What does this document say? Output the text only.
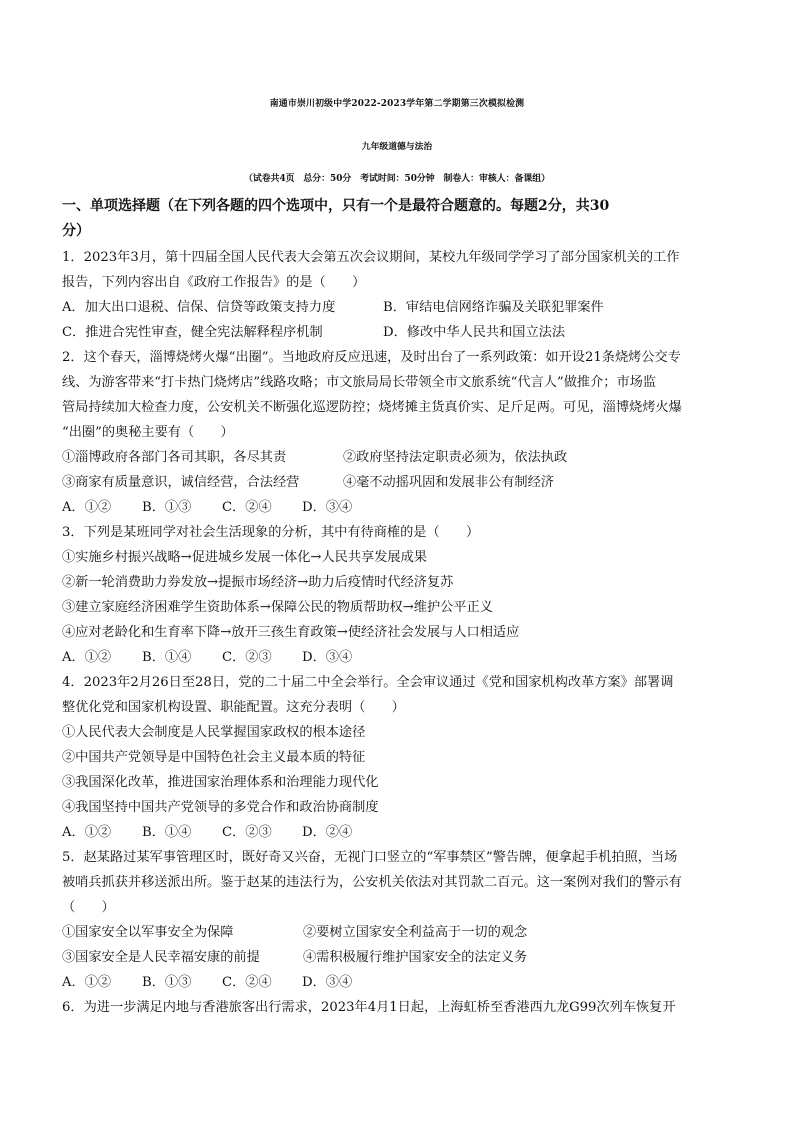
南通市崇川初级中学2022-2023学年第二学期第三次模拟检测
九年级道德与法治
（试卷共4页　总分：50分　考试时间：50分钟　制卷人：审核人：备课组）
一、单项选择题（在下列各题的四个选项中，只有一个是最符合题意的。每题2分，共30
分）
1．2023年3月，第十四届全国人民代表大会第五次会议期间，某校九年级同学学习了部分国家机关的工作
报告，下列内容出自《政府工作报告》的是（　　）
A．加大出口退税、信保、信贷等政策支持力度	B．审结电信网络诈骗及关联犯罪案件
C．推进合宪性审查，健全宪法解释程序机制	D．修改中华人民共和国立法法
2．这个春天，淄博烧烤火爆“出圈”。当地政府反应迅速，及时出台了一系列政策：如开设21条烧烤公交专
线、为游客带来“打卡热门烧烤店”线路攻略；市文旅局局长带领全市文旅系统“代言人”做推介；市场监
管局持续加大检查力度，公安机关不断强化巡逻防控；烧烤摊主货真价实、足斤足两。可见，淄博烧烤火爆
“出圈”的奥秘主要有（　　）
①淄博政府各部门各司其职，各尽其责	②政府坚持法定职责必须为，依法执政
③商家有质量意识，诚信经营，合法经营	④毫不动摇巩固和发展非公有制经济
A．①② B．①③ C．②④ D．③④
3．下列是某班同学对社会生活现象的分析，其中有待商榷的是（　　）
①实施乡村振兴战略→促进城乡发展一体化→人民共享发展成果
②新一轮消费助力券发放→提振市场经济→助力后疫情时代经济复苏
③建立家庭经济困难学生资助体系→保障公民的物质帮助权→维护公平正义
④应对老龄化和生育率下降→放开三孩生育政策→使经济社会发展与人口相适应
A．①② B．①④ C．②③ D．③④
4．2023年2月26日至28日，党的二十届二中全会举行。全会审议通过《党和国家机构改革方案》部署调
整优化党和国家机构设置、职能配置。这充分表明（　　）
①人民代表大会制度是人民掌握国家政权的根本途径
②中国共产党领导是中国特色社会主义最本质的特征
③我国深化改革，推进国家治理体系和治理能力现代化
④我国坚持中国共产党领导的多党合作和政治协商制度
A．①② B．①④ C．②③ D．②④
5．赵某路过某军事管理区时，既好奇又兴奋，无视门口竖立的“军事禁区”警告牌，便拿起手机拍照，当场
被哨兵抓获并移送派出所。鉴于赵某的违法行为，公安机关依法对其罚款二百元。这一案例对我们的警示有
（　　）
①国家安全以军事安全为保障	②要树立国家安全利益高于一切的观念
③国家安全是人民幸福安康的前提	④需积极履行维护国家安全的法定义务
A．①② B．①③ C．②④ D．③④
6．为进一步满足内地与香港旅客出行需求，2023年4月1日起，上海虹桥至香港西九龙G99次列车恢复开
